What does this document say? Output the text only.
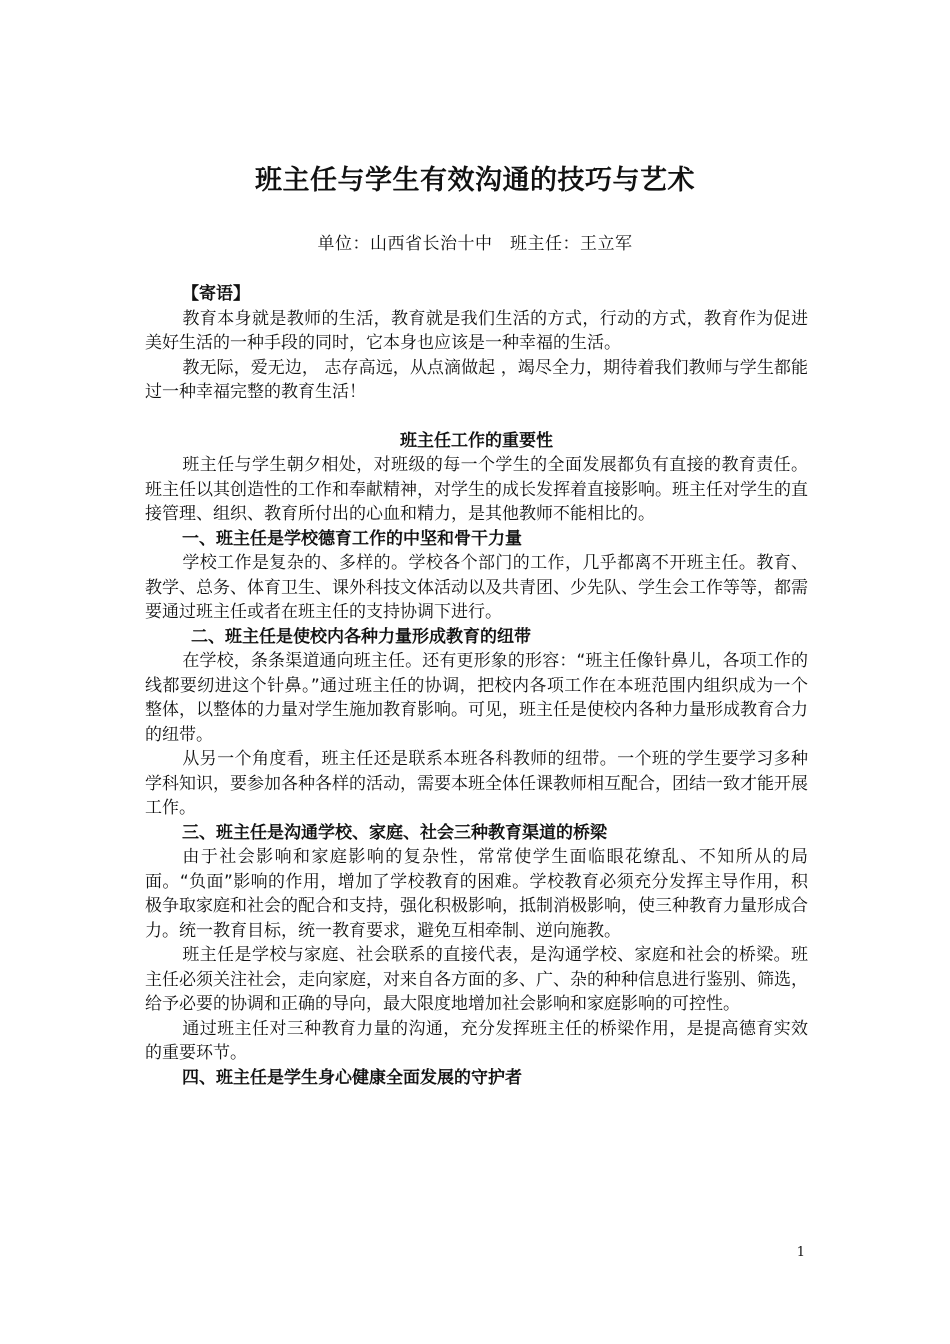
班主任与学生有效沟通的技巧与艺术
单位：山西省长治十中　班主任：王立军
【寄语】

教育本身就是教师的生活，教育就是我们生活的方式，行动的方式，教育作为促进美好生活的一种手段的同时，它本身也应该是一种幸福的生活。

教无际，爱无边， 志存高远，从点滴做起 ，竭尽全力，期待着我们教师与学生都能过一种幸福完整的教育生活！

班主任工作的重要性

班主任与学生朝夕相处，对班级的每一个学生的全面发展都负有直接的教育责任。班主任以其创造性的工作和奉献精神，对学生的成长发挥着直接影响。班主任对学生的直接管理、组织、教育所付出的心血和精力，是其他教师不能相比的。

一、班主任是学校德育工作的中坚和骨干力量

学校工作是复杂的、多样的。学校各个部门的工作，几乎都离不开班主任。教育、教学、总务、体育卫生、课外科技文体活动以及共青团、少先队、学生会工作等等，都需要通过班主任或者在班主任的支持协调下进行。

二、班主任是使校内各种力量形成教育的纽带

在学校，条条渠道通向班主任。还有更形象的形容：“班主任像针鼻儿，各项工作的线都要纫进这个针鼻。”通过班主任的协调，把校内各项工作在本班范围内组织成为一个整体，以整体的力量对学生施加教育影响。可见，班主任是使校内各种力量形成教育合力的纽带。

从另一个角度看，班主任还是联系本班各科教师的纽带。一个班的学生要学习多种学科知识，要参加各种各样的活动，需要本班全体任课教师相互配合，团结一致才能开展工作。

三、班主任是沟通学校、家庭、社会三种教育渠道的桥梁

由于社会影响和家庭影响的复杂性，常常使学生面临眼花缭乱、不知所从的局面。“负面”影响的作用，增加了学校教育的困难。学校教育必须充分发挥主导作用，积极争取家庭和社会的配合和支持，强化积极影响，抵制消极影响，使三种教育力量形成合力。统一教育目标，统一教育要求，避免互相牵制、逆向施教。

班主任是学校与家庭、社会联系的直接代表，是沟通学校、家庭和社会的桥梁。班主任必须关注社会，走向家庭，对来自各方面的多、广、杂的种种信息进行鉴别、筛选，给予必要的协调和正确的导向，最大限度地增加社会影响和家庭影响的可控性。

通过班主任对三种教育力量的沟通，充分发挥班主任的桥梁作用，是提高德育实效的重要环节。

四、班主任是学生身心健康全面发展的守护者
1
